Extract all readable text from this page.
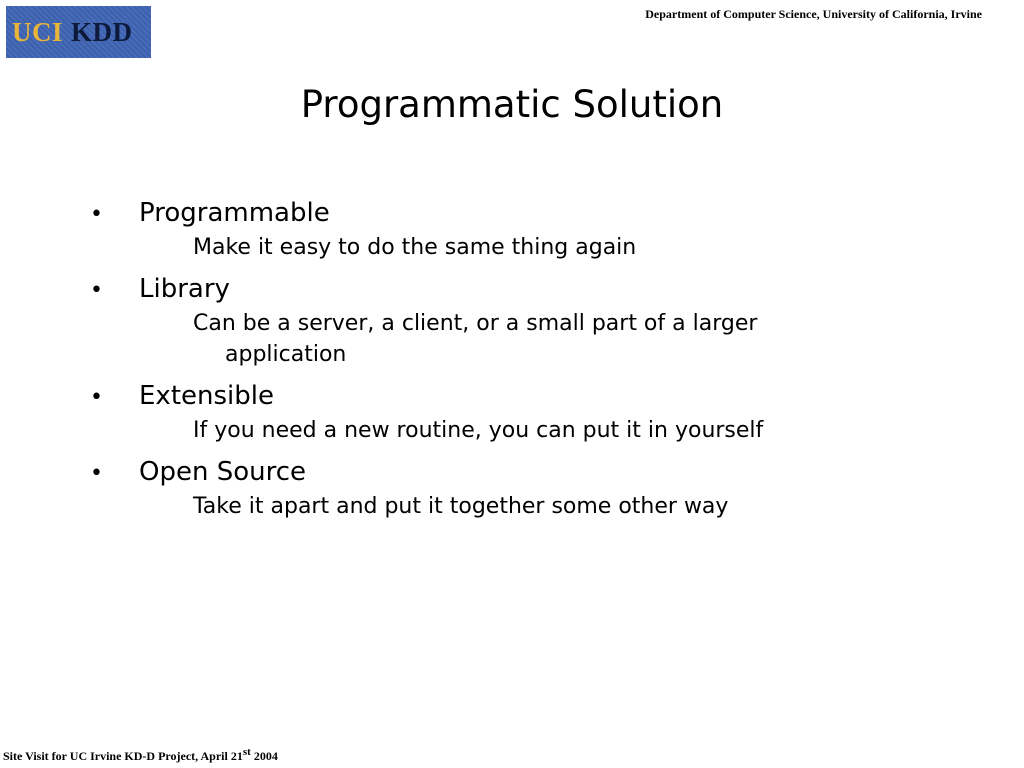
UCI KDD
Department of Computer Science, University of California, Irvine
Programmatic Solution
•	Programmable
Make it easy to do the same thing again
•	Library
Can be a server, a client, or a small part of a larger application
•	Extensible
If you need a new routine, you can put it in yourself
•	Open Source
Take it apart and put it together some other way
Site Visit for UC Irvine KD-D Project, April 21st 2004
